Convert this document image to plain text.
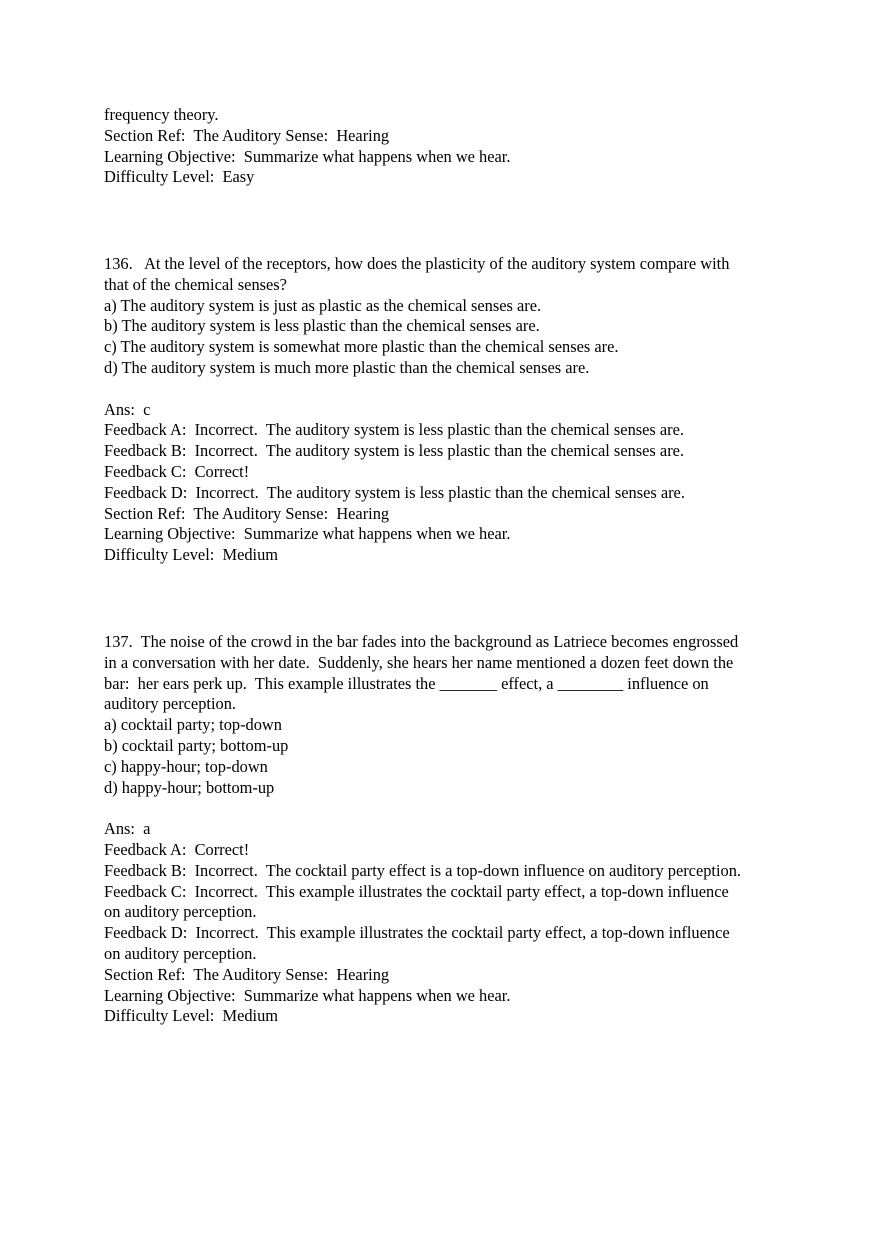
frequency theory.
Section Ref:  The Auditory Sense:  Hearing
Learning Objective:  Summarize what happens when we hear.
Difficulty Level:  Easy
136.   At the level of the receptors, how does the plasticity of the auditory system compare with
that of the chemical senses?
a) The auditory system is just as plastic as the chemical senses are.
b) The auditory system is less plastic than the chemical senses are.
c) The auditory system is somewhat more plastic than the chemical senses are.
d) The auditory system is much more plastic than the chemical senses are.
Ans:  c
Feedback A:  Incorrect.  The auditory system is less plastic than the chemical senses are.
Feedback B:  Incorrect.  The auditory system is less plastic than the chemical senses are.
Feedback C:  Correct!
Feedback D:  Incorrect.  The auditory system is less plastic than the chemical senses are.
Section Ref:  The Auditory Sense:  Hearing
Learning Objective:  Summarize what happens when we hear.
Difficulty Level:  Medium
137.  The noise of the crowd in the bar fades into the background as Latriece becomes engrossed
in a conversation with her date.  Suddenly, she hears her name mentioned a dozen feet down the
bar:  her ears perk up.  This example illustrates the _______ effect, a ________ influence on
auditory perception.
a) cocktail party; top-down
b) cocktail party; bottom-up
c) happy-hour; top-down
d) happy-hour; bottom-up
Ans:  a
Feedback A:  Correct!
Feedback B:  Incorrect.  The cocktail party effect is a top-down influence on auditory perception.
Feedback C:  Incorrect.  This example illustrates the cocktail party effect, a top-down influence
on auditory perception.
Feedback D:  Incorrect.  This example illustrates the cocktail party effect, a top-down influence
on auditory perception.
Section Ref:  The Auditory Sense:  Hearing
Learning Objective:  Summarize what happens when we hear.
Difficulty Level:  Medium
